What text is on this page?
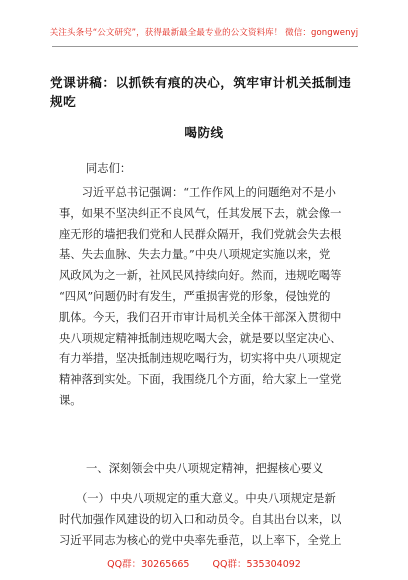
关注头条号“公文研究”，获得最新最全最专业的公文资料库！ 微信：gongwenyj
党课讲稿：以抓铁有痕的决心，筑牢审计机关抵制违规吃
喝防线
同志们：
　　习近平总书记强调：“工作作风上的问题绝对不是小
事，如果不坚决纠正不良风气，任其发展下去，就会像一
座无形的墙把我们党和人民群众隔开，我们党就会失去根
基、失去血脉、失去力量。”中央八项规定实施以来，党
风政风为之一新，社风民风持续向好。然而，违规吃喝等
“四风”问题仍时有发生，严重损害党的形象，侵蚀党的
肌体。今天，我们召开市审计局机关全体干部深入贯彻中
央八项规定精神抵制违规吃喝大会，就是要以坚定决心、
有力举措，坚决抵制违规吃喝行为，切实将中央八项规定
精神落到实处。下面，我围绕几个方面，给大家上一堂党
课。
一、深刻领会中央八项规定精神，把握核心要义
　　（一）中央八项规定的重大意义。中央八项规定是新
时代加强作风建设的切入口和动员令。自其出台以来，以
习近平同志为核心的党中央率先垂范，以上率下，全党上
QQ群：30265665 QQ群：535304092
